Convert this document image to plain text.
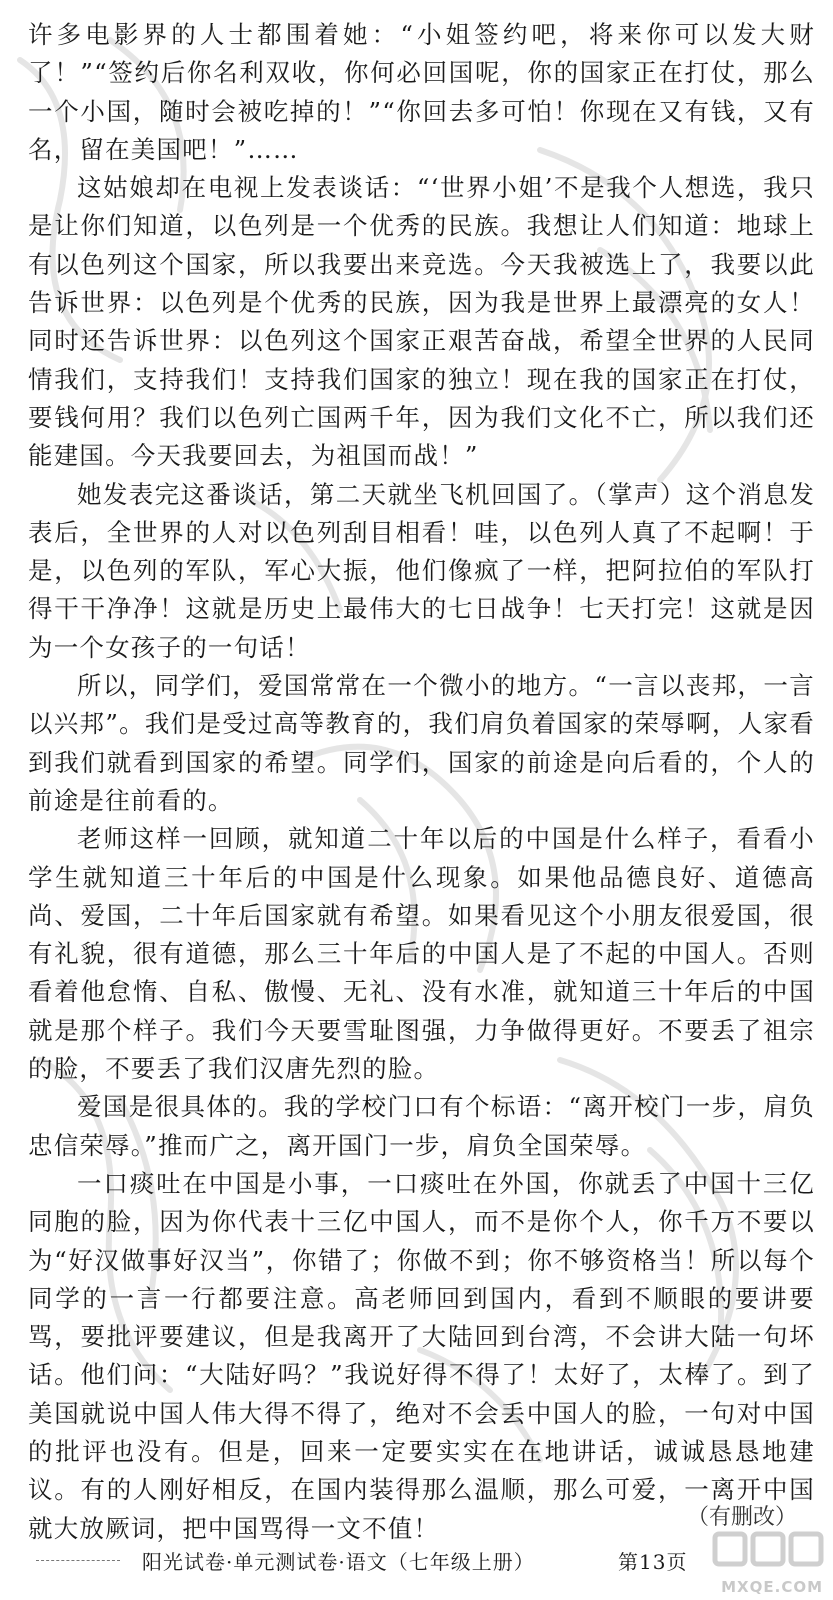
许多电影界的人士都围着她：“小姐签约吧，将来你可以发大财了！”“签约后你名利双收，你何必回国呢，你的国家正在打仗，那么一个小国，随时会被吃掉的！”“你回去多可怕！你现在又有钱，又有名，留在美国吧！”……

这姑娘却在电视上发表谈话：“‘世界小姐’不是我个人想选，我只是让你们知道，以色列是一个优秀的民族。我想让人们知道：地球上有以色列这个国家，所以我要出来竞选。今天我被选上了，我要以此告诉世界：以色列是个优秀的民族，因为我是世界上最漂亮的女人！同时还告诉世界：以色列这个国家正艰苦奋战，希望全世界的人民同情我们，支持我们！支持我们国家的独立！现在我的国家正在打仗，要钱何用？我们以色列亡国两千年，因为我们文化不亡，所以我们还能建国。今天我要回去，为祖国而战！”

她发表完这番谈话，第二天就坐飞机回国了。（掌声）这个消息发表后，全世界的人对以色列刮目相看！哇，以色列人真了不起啊！于是，以色列的军队，军心大振，他们像疯了一样，把阿拉伯的军队打得干干净净！这就是历史上最伟大的七日战争！七天打完！这就是因为一个女孩子的一句话！

所以，同学们，爱国常常在一个微小的地方。“一言以丧邦，一言以兴邦”。我们是受过高等教育的，我们肩负着国家的荣辱啊，人家看到我们就看到国家的希望。同学们，国家的前途是向后看的，个人的前途是往前看的。

老师这样一回顾，就知道二十年以后的中国是什么样子，看看小学生就知道三十年后的中国是什么现象。如果他品德良好、道德高尚、爱国，二十年后国家就有希望。如果看见这个小朋友很爱国，很有礼貌，很有道德，那么三十年后的中国人是了不起的中国人。否则看着他怠惰、自私、傲慢、无礼、没有水准，就知道三十年后的中国就是那个样子。我们今天要雪耻图强，力争做得更好。不要丢了祖宗的脸，不要丢了我们汉唐先烈的脸。

爱国是很具体的。我的学校门口有个标语：“离开校门一步，肩负忠信荣辱。”推而广之，离开国门一步，肩负全国荣辱。

一口痰吐在中国是小事，一口痰吐在外国，你就丢了中国十三亿同胞的脸，因为你代表十三亿中国人，而不是你个人，你千万不要以为“好汉做事好汉当”，你错了；你做不到；你不够资格当！所以每个同学的一言一行都要注意。高老师回到国内，看到不顺眼的要讲要骂，要批评要建议，但是我离开了大陆回到台湾，不会讲大陆一句坏话。他们问：“大陆好吗？”我说好得不得了！太好了，太棒了。到了美国就说中国人伟大得不得了，绝对不会丢中国人的脸，一句对中国的批评也没有。但是，回来一定要实实在在地讲话，诚诚恳恳地建议。有的人刚好相反，在国内装得那么温顺，那么可爱，一离开中国就大放厥词，把中国骂得一文不值！	（有删改）
阳光试卷·单元测试卷·语文（七年级上册）	第13页
MXQE.COM
